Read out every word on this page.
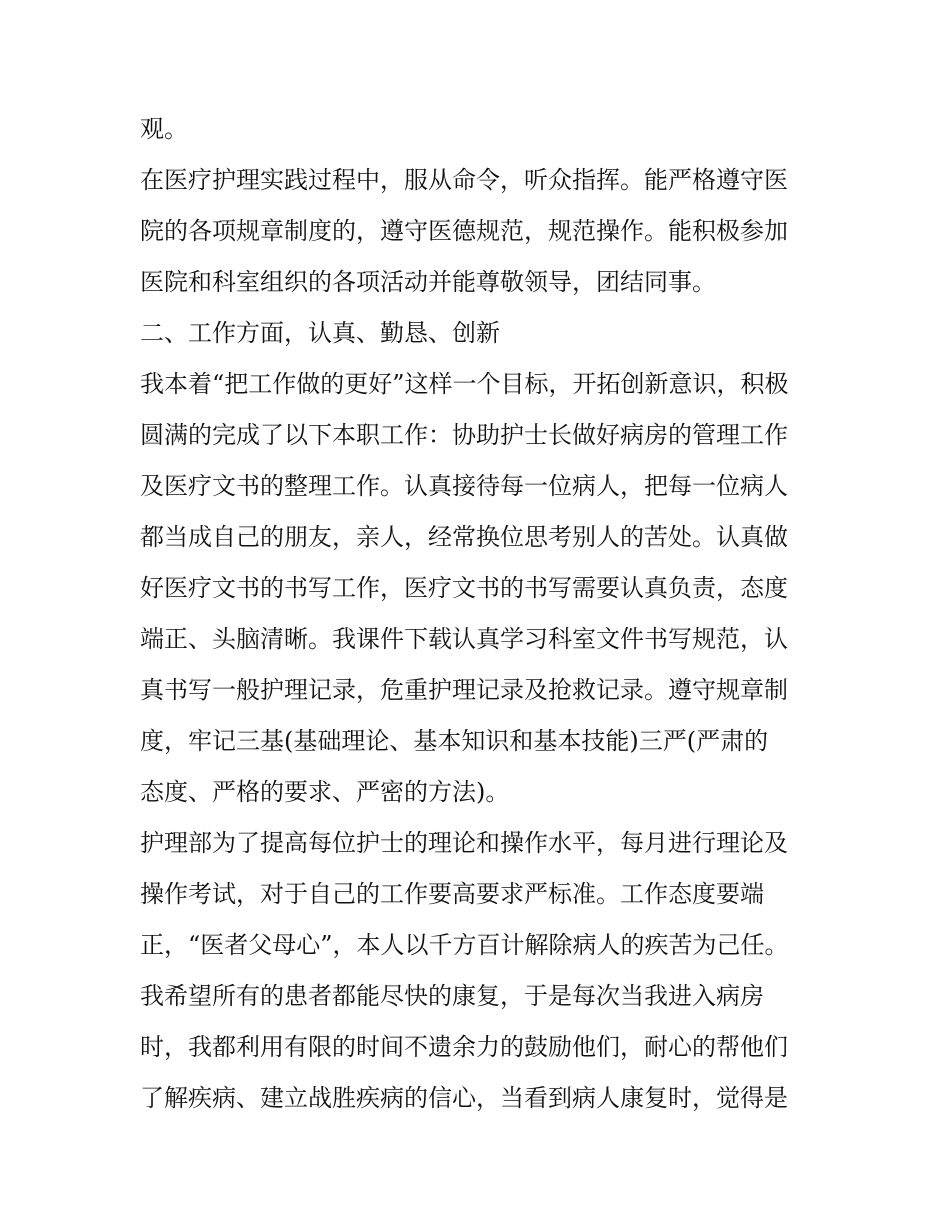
观。
在医疗护理实践过程中，服从命令，听众指挥。能严格遵守医
院的各项规章制度的，遵守医德规范，规范操作。能积极参加
医院和科室组织的各项活动并能尊敬领导，团结同事。
二、工作方面，认真、勤恳、创新
我本着“把工作做的更好”这样一个目标，开拓创新意识，积极
圆满的完成了以下本职工作：协助护士长做好病房的管理工作
及医疗文书的整理工作。认真接待每一位病人，把每一位病人
都当成自己的朋友，亲人，经常换位思考别人的苦处。认真做
好医疗文书的书写工作，医疗文书的书写需要认真负责，态度
端正、头脑清晰。我课件下载认真学习科室文件书写规范，认
真书写一般护理记录，危重护理记录及抢救记录。遵守规章制
度，牢记三基(基础理论、基本知识和基本技能)三严(严肃的
态度、严格的要求、严密的方法)。
护理部为了提高每位护士的理论和操作水平，每月进行理论及
操作考试，对于自己的工作要高要求严标准。工作态度要端
正，“医者父母心”，本人以千方百计解除病人的疾苦为己任。
我希望所有的患者都能尽快的康复，于是每次当我进入病房
时，我都利用有限的时间不遗余力的鼓励他们，耐心的帮他们
了解疾病、建立战胜疾病的信心，当看到病人康复时，觉得是
